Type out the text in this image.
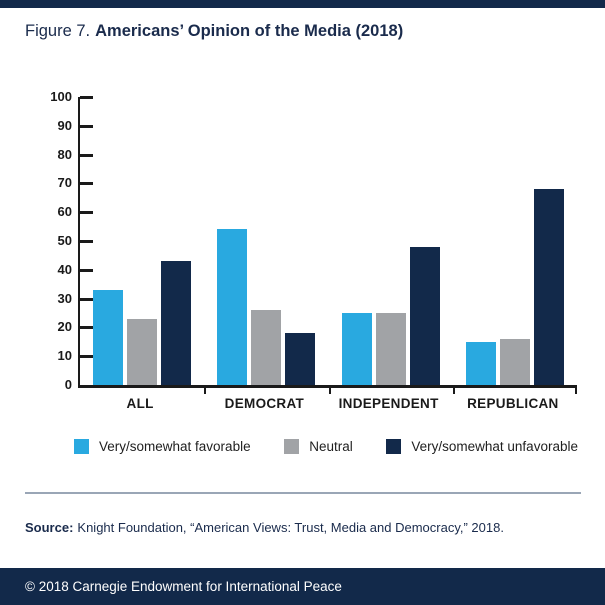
Figure 7. Americans’ Opinion of the Media (2018)
0
10
20
30
40
50
60
70
80
90
100
ALL	DEMOCRAT	INDEPENDENT	REPUBLICAN
Very/somewhat favorable	Neutral	Very/somewhat unfavorable
Source: Knight Foundation, “American Views: Trust, Media and Democracy,” 2018.
© 2018 Carnegie Endowment for International Peace
